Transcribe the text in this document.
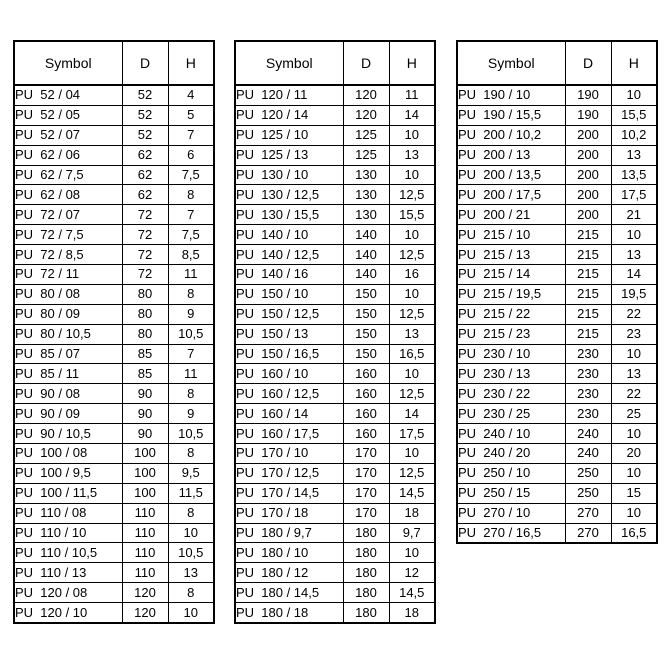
Symbol	D	H
PU  52 / 04	52	4
PU  52 / 05	52	5
PU  52 / 07	52	7
PU  62 / 06	62	6
PU  62 / 7,5	62	7,5
PU  62 / 08	62	8
PU  72 / 07	72	7
PU  72 / 7,5	72	7,5
PU  72 / 8,5	72	8,5
PU  72 / 11	72	11
PU  80 / 08	80	8
PU  80 / 09	80	9
PU  80 / 10,5	80	10,5
PU  85 / 07	85	7
PU  85 / 11	85	11
PU  90 / 08	90	8
PU  90 / 09	90	9
PU  90 / 10,5	90	10,5
PU  100 / 08	100	8
PU  100 / 9,5	100	9,5
PU  100 / 11,5	100	11,5
PU  110 / 08	110	8
PU  110 / 10	110	10
PU  110 / 10,5	110	10,5
PU  110 / 13	110	13
PU  120 / 08	120	8
PU  120 / 10	120	10
Symbol	D	H
PU  120 / 11	120	11
PU  120 / 14	120	14
PU  125 / 10	125	10
PU  125 / 13	125	13
PU  130 / 10	130	10
PU  130 / 12,5	130	12,5
PU  130 / 15,5	130	15,5
PU  140 / 10	140	10
PU  140 / 12,5	140	12,5
PU  140 / 16	140	16
PU  150 / 10	150	10
PU  150 / 12,5	150	12,5
PU  150 / 13	150	13
PU  150 / 16,5	150	16,5
PU  160 / 10	160	10
PU  160 / 12,5	160	12,5
PU  160 / 14	160	14
PU  160 / 17,5	160	17,5
PU  170 / 10	170	10
PU  170 / 12,5	170	12,5
PU  170 / 14,5	170	14,5
PU  170 / 18	170	18
PU  180 / 9,7	180	9,7
PU  180 / 10	180	10
PU  180 / 12	180	12
PU  180 / 14,5	180	14,5
PU  180 / 18	180	18
Symbol	D	H
PU  190 / 10	190	10
PU  190 / 15,5	190	15,5
PU  200 / 10,2	200	10,2
PU  200 / 13	200	13
PU  200 / 13,5	200	13,5
PU  200 / 17,5	200	17,5
PU  200 / 21	200	21
PU  215 / 10	215	10
PU  215 / 13	215	13
PU  215 / 14	215	14
PU  215 / 19,5	215	19,5
PU  215 / 22	215	22
PU  215 / 23	215	23
PU  230 / 10	230	10
PU  230 / 13	230	13
PU  230 / 22	230	22
PU  230 / 25	230	25
PU  240 / 10	240	10
PU  240 / 20	240	20
PU  250 / 10	250	10
PU  250 / 15	250	15
PU  270 / 10	270	10
PU  270 / 16,5	270	16,5
